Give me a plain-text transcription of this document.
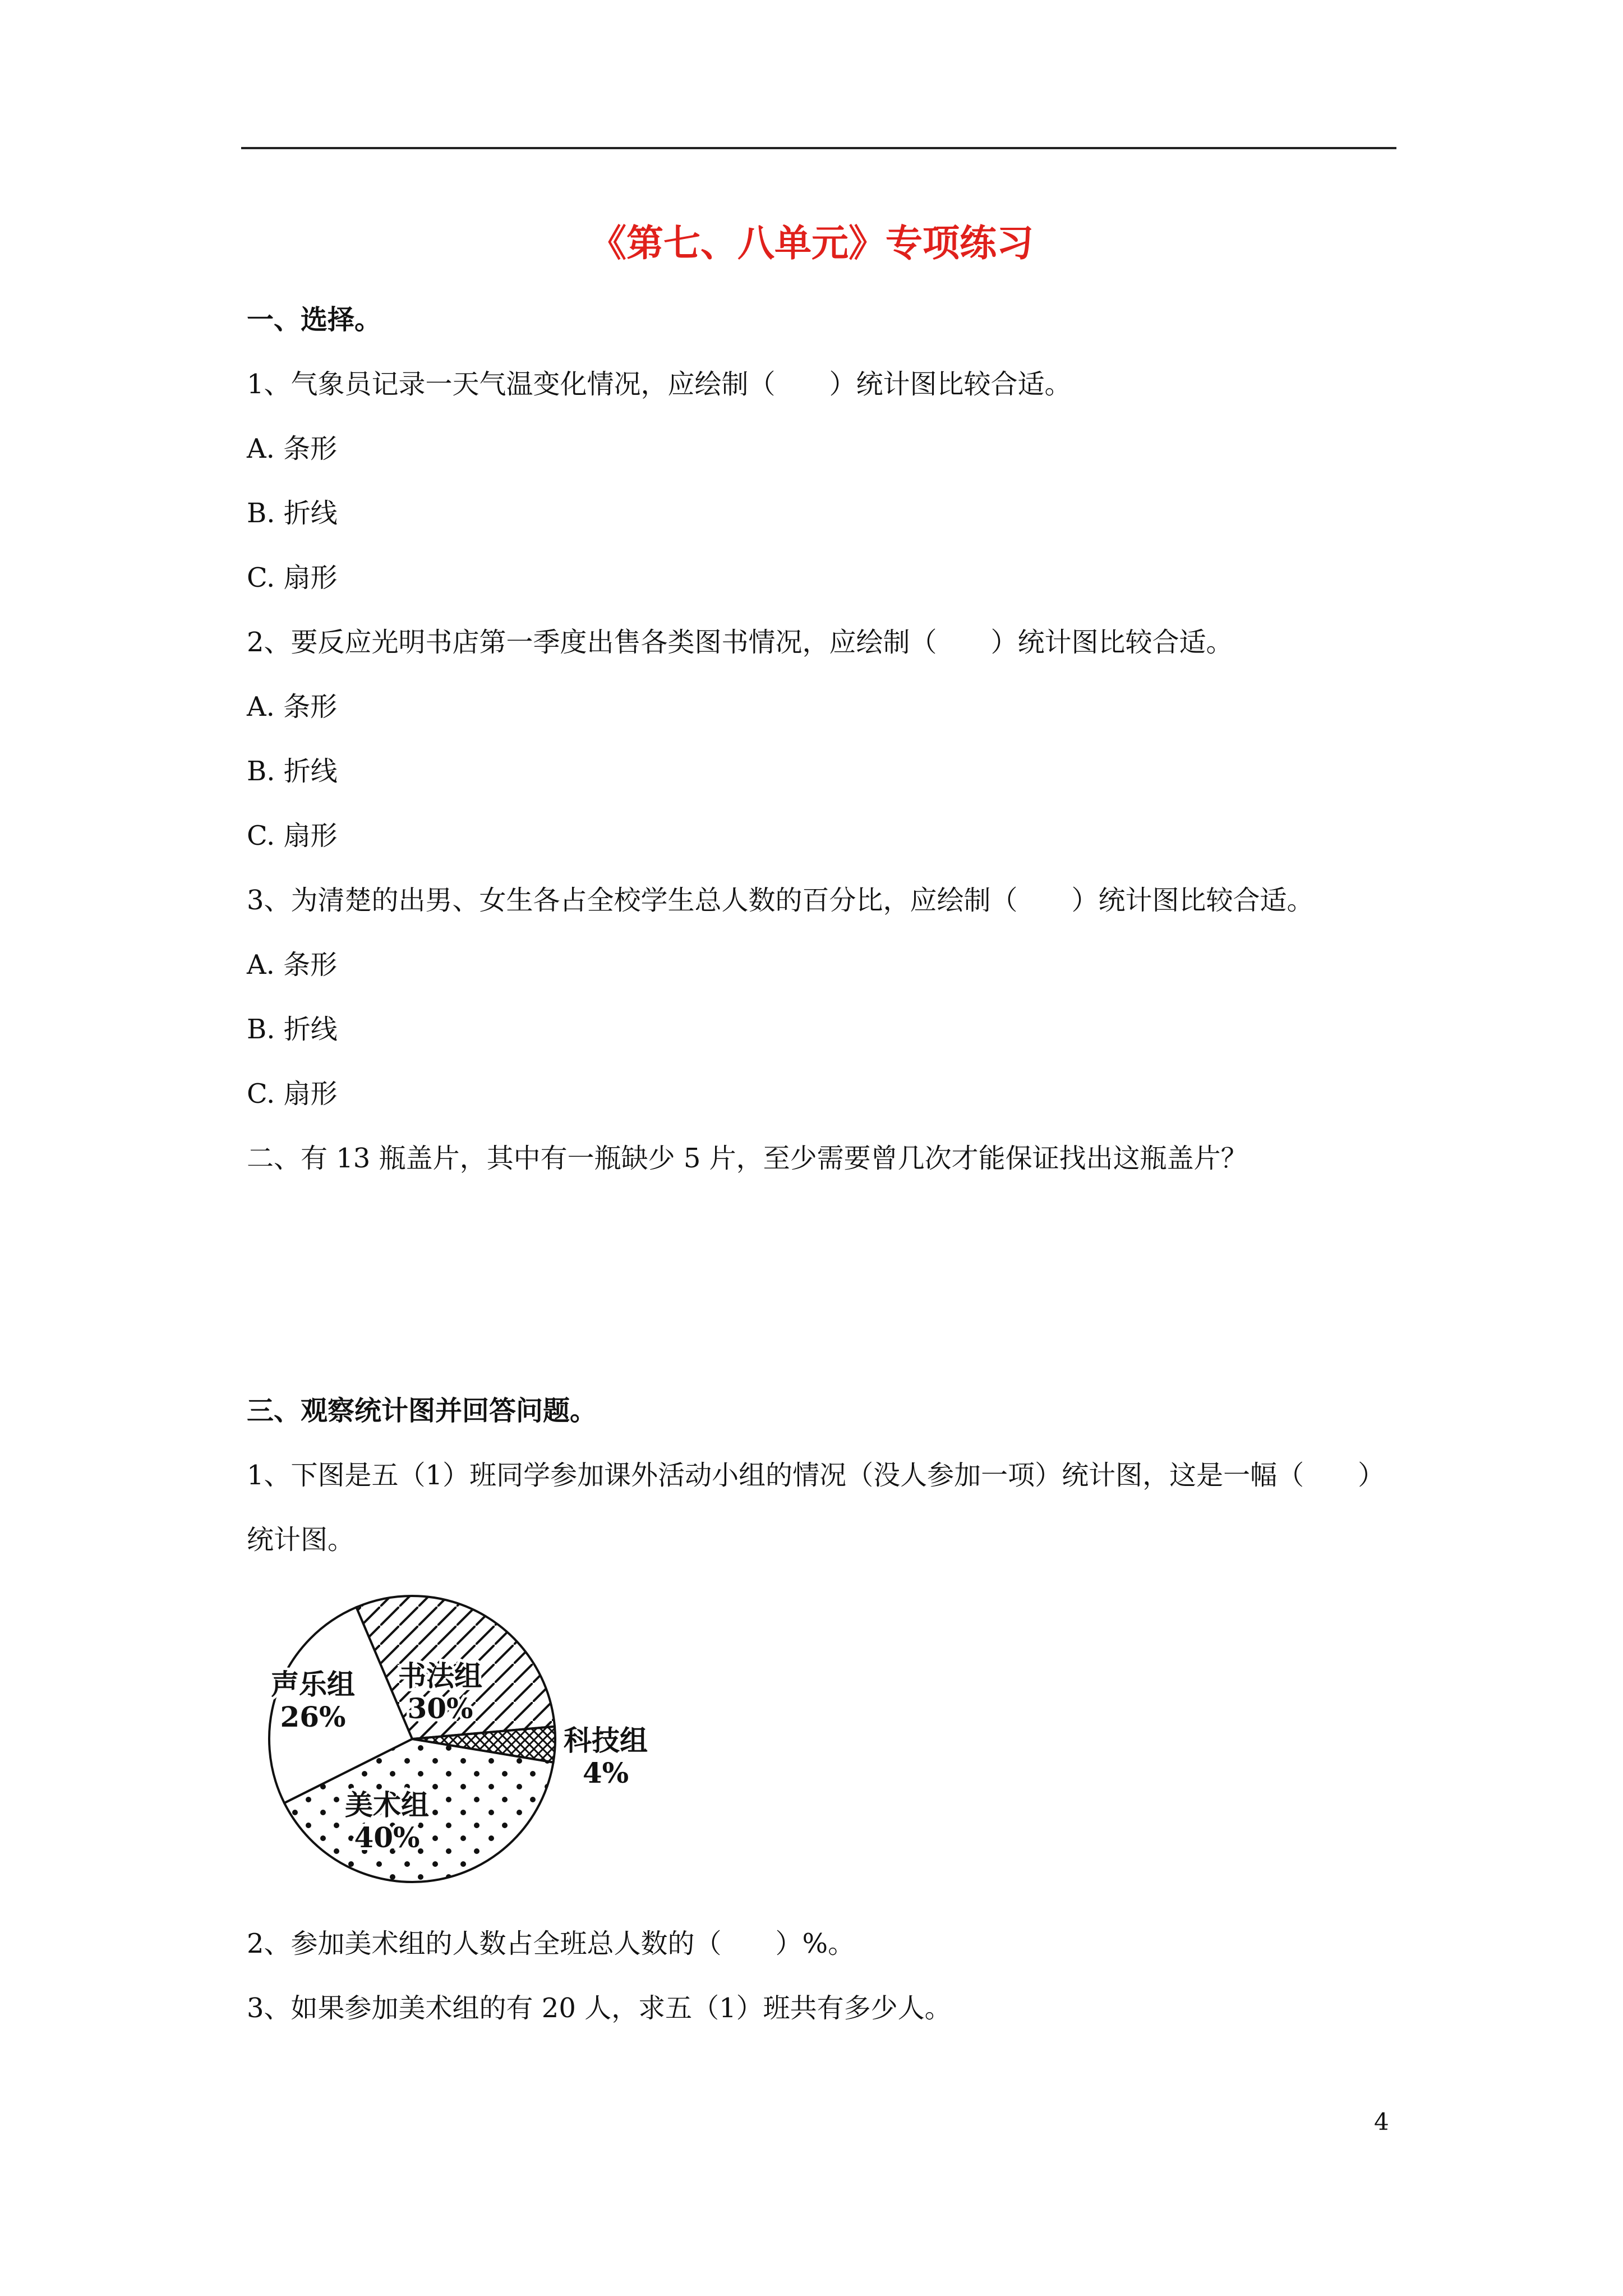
《第七、八单元》专项练习
一、选择。
1、气象员记录一天气温变化情况，应绘制（　　）统计图比较合适。
A. 条形
B. 折线
C. 扇形
2、要反应光明书店第一季度出售各类图书情况，应绘制（　　）统计图比较合适。
A. 条形
B. 折线
C. 扇形
3、为清楚的出男、女生各占全校学生总人数的百分比，应绘制（　　）统计图比较合适。
A. 条形
B. 折线
C. 扇形
二、有 13 瓶盖片，其中有一瓶缺少 5 片，至少需要曾几次才能保证找出这瓶盖片？
三、观察统计图并回答问题。
1、下图是五（1）班同学参加课外活动小组的情况（没人参加一项）统计图，这是一幅（　　）
统计图。
书法组
30%
科技组
4%
美术组
40%
声乐组
26%
2、参加美术组的人数占全班总人数的（　　）%。
3、如果参加美术组的有 20 人，求五（1）班共有多少人。
4
